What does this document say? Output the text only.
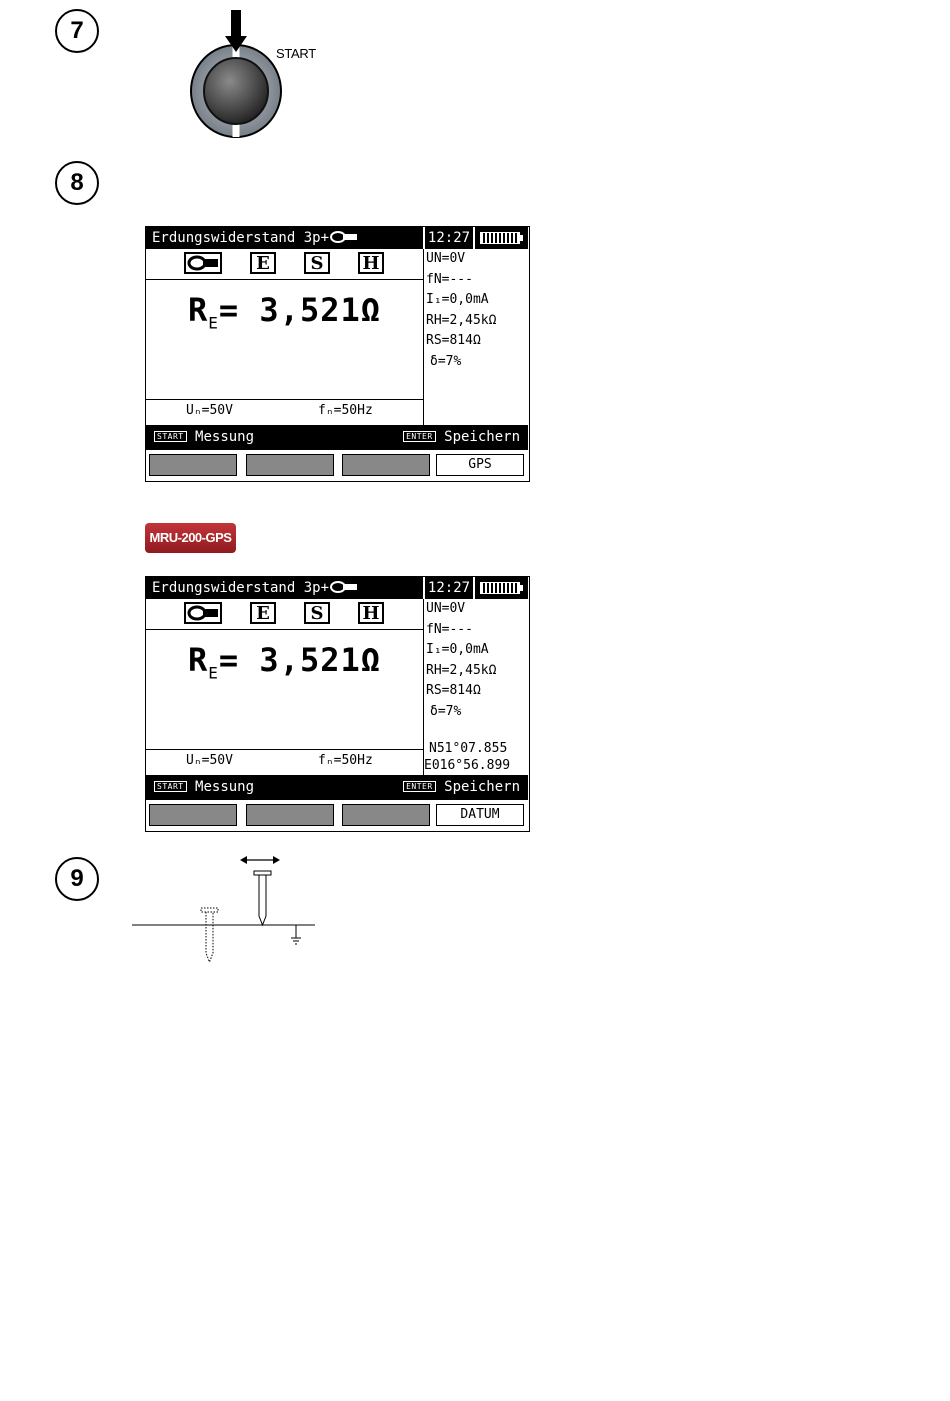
7
START
8
Erdungswiderstand 3p+	12:27
E	S	H
$R_E= 3,521\Omega$
Uₙ=50V	fₙ=50Hz
UN=0V
fN=---
I₁=0,0mA
RH=2,45kΩ
RS=814Ω
δ=7%
START Messung	ENTER Speichern
GPS
MRU-200-GPS
Erdungswiderstand 3p+	12:27
E	S	H
$R_E= 3,521\Omega$
Uₙ=50V	fₙ=50Hz
UN=0V
fN=---
I₁=0,0mA
RH=2,45kΩ
RS=814Ω
δ=7%
N51°07.855
E016°56.899
START Messung	ENTER Speichern
DATUM
9
